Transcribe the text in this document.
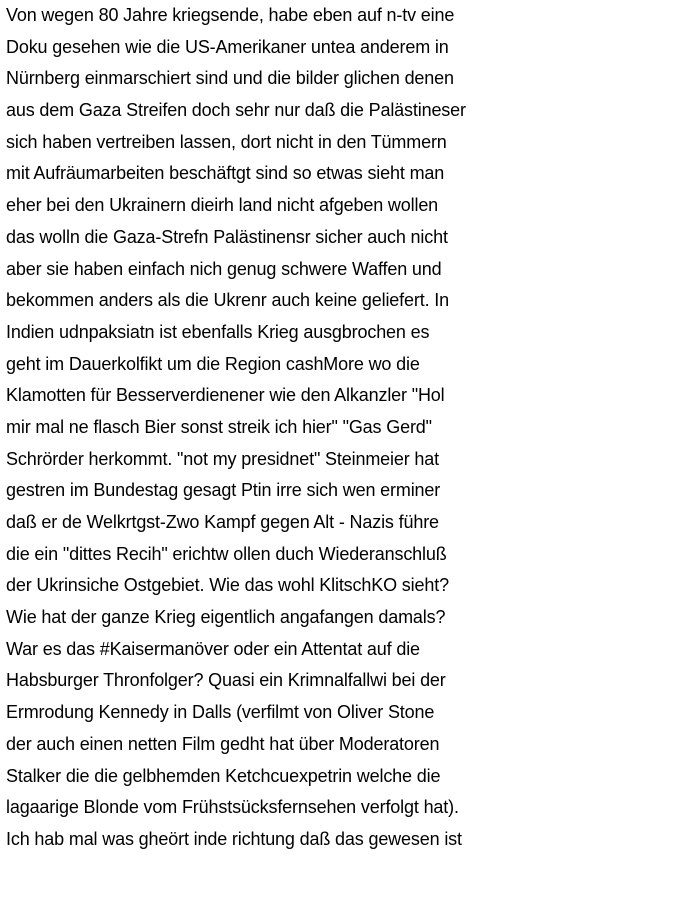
Von wegen 80 Jahre kriegsende, habe eben auf n-tv eine
Doku gesehen wie die US-Amerikaner untea anderem in
Nürnberg einmarschiert sind und die bilder glichen denen
aus dem Gaza Streifen doch sehr nur daß die Palästineser
sich haben vertreiben lassen, dort nicht in den Tümmern
mit Aufräumarbeiten beschäftgt sind so etwas sieht man
eher bei den Ukrainern dieirh land nicht afgeben wollen
das wolln die Gaza-Strefn Palästinensr sicher auch nicht
aber sie haben einfach nich genug schwere Waffen und
bekommen anders als die Ukrenr auch keine geliefert. In
Indien udnpaksiatn ist ebenfalls Krieg ausgbrochen es
geht im Dauerkolfikt um die Region cashMore wo die
Klamotten für Besserverdienener wie den Alkanzler "Hol
mir mal ne flasch Bier sonst streik ich hier" "Gas Gerd"
Schrörder herkommt. "not my presidnet" Steinmeier hat
gestren im Bundestag gesagt Ptin irre sich wen erminer
daß er de Welkrtgst-Zwo Kampf gegen Alt - Nazis führe
die ein "dittes Recih" erichtw ollen duch Wiederanschluß
der Ukrinsiche Ostgebiet. Wie das wohl KlitschKO sieht?
Wie hat der ganze Krieg eigentlich angafangen damals?
War es das #Kaisermanöver oder ein Attentat auf die
Habsburger Thronfolger? Quasi ein Krimnalfallwi bei der
Ermrodung Kennedy in Dalls (verfilmt von Oliver Stone
der auch einen netten Film gedht hat über Moderatoren
Stalker die die gelbhemden Ketchcuexpetrin welche die
lagaarige Blonde vom Frühstsücksfernsehen verfolgt hat).
Ich hab mal was gheört inde richtung daß das gewesen ist
